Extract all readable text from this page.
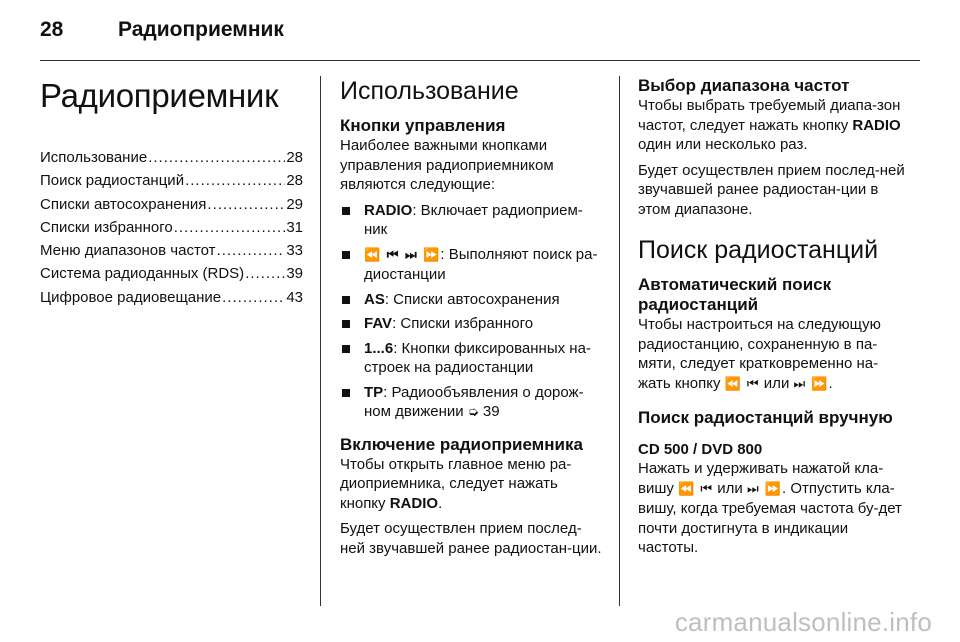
28	Радиоприемник
Радиоприемник
Использование .....	28
Поиск радиостанций .....	28
Списки автосохранения .....	29
Списки избранного .....	31
Меню диапазонов частот .....	33
Система радиоданных (RDS) .....	39
Цифровое радиовещание .....	43
Использование
Кнопки управления

Наиболее важными кнопками управления радиоприемником являются следующие:

RADIO: Включает радиоприем-ник
⏪ ⏮ ⏭ ⏩: Выполняют поиск ра-диостанции
AS: Списки автосохранения
FAV: Списки избранного
1...6: Кнопки фиксированных на-строек на радиостанции
TP: Радиообъявления о дорож-ном движении ➭ 39
Включение радиоприемника

Чтобы открыть главное меню ра-диоприемника, следует нажать кнопку RADIO.

Будет осуществлен прием послед-ней звучавшей ранее радиостан-ции.

Выбор диапазона частот

Чтобы выбрать требуемый диапа-зон частот, следует нажать кнопку RADIO один или несколько раз.

Будет осуществлен прием послед-ней звучавшей ранее радиостан-ции в этом диапазоне.

Поиск радиостанций
Автоматический поиск радиостанций

Чтобы настроиться на следующую радиостанцию, сохраненную в па-мяти, следует кратковременно на-жать кнопку ⏪ ⏮ или ⏭ ⏩.

Поиск радиостанций вручную
CD 500 / DVD 800

Нажать и удерживать нажатой кла-вишу ⏪ ⏮ или ⏭ ⏩. Отпустить кла-вишу, когда требуемая частота бу-дет почти достигнута в индикации частоты.

carmanualsonline.info
